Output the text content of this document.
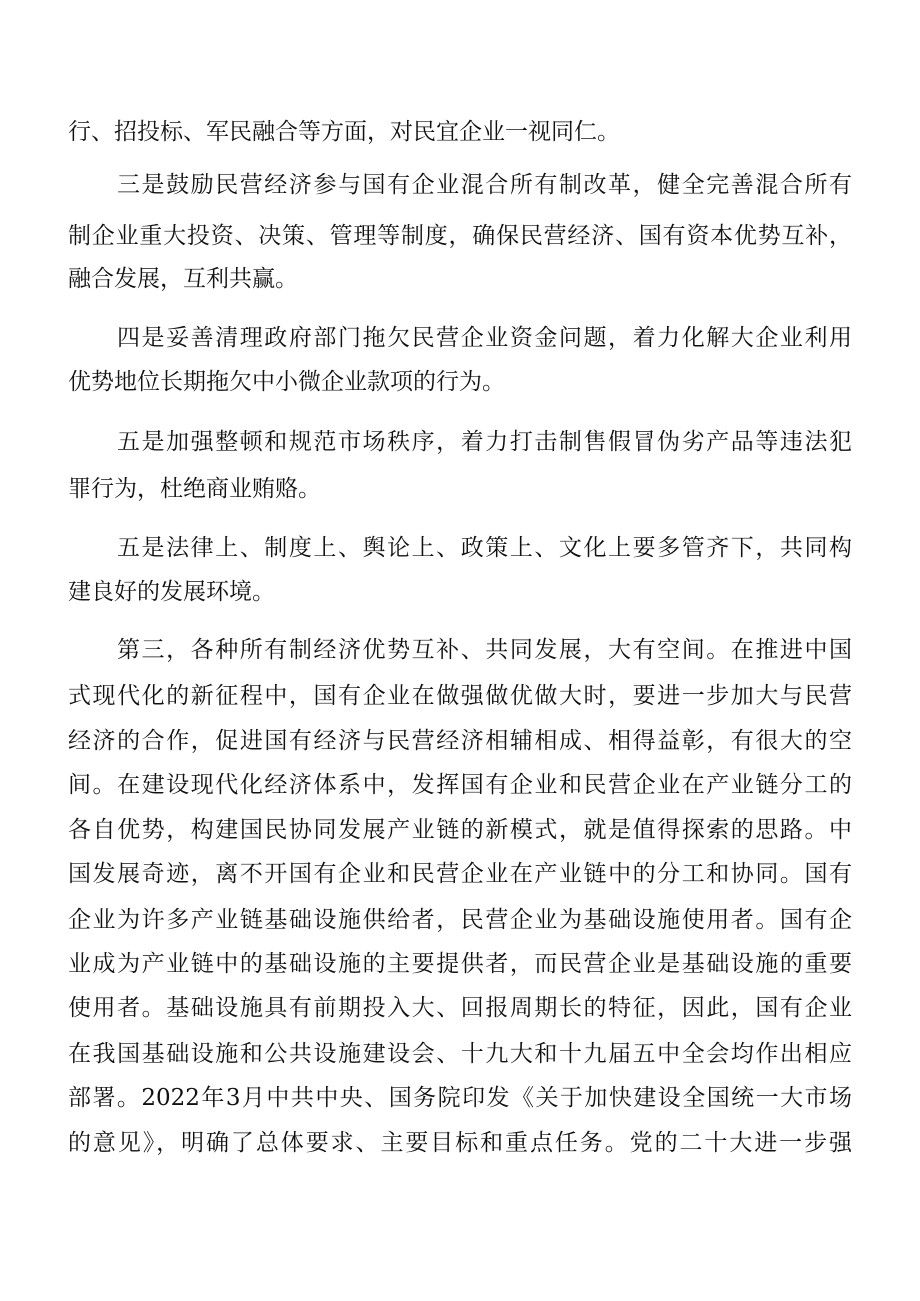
行、招投标、军民融合等方面，对民宜企业一视同仁。
三是鼓励民营经济参与国有企业混合所有制改革，健全完善混合所有
制企业重大投资、决策、管理等制度，确保民营经济、国有资本优势互补，
融合发展，互利共赢。
四是妥善清理政府部门拖欠民营企业资金问题，着力化解大企业利用
优势地位长期拖欠中小微企业款项的行为。
五是加强整顿和规范市场秩序，着力打击制售假冒伪劣产品等违法犯
罪行为，杜绝商业贿赂。
五是法律上、制度上、舆论上、政策上、文化上要多管齐下，共同构
建良好的发展环境。
第三，各种所有制经济优势互补、共同发展，大有空间。在推进中国
式现代化的新征程中，国有企业在做强做优做大时，要进一步加大与民营
经济的合作，促进国有经济与民营经济相辅相成、相得益彰，有很大的空
间。在建设现代化经济体系中，发挥国有企业和民营企业在产业链分工的
各自优势，构建国民协同发展产业链的新模式，就是值得探索的思路。中
国发展奇迹，离不开国有企业和民营企业在产业链中的分工和协同。国有
企业为许多产业链基础设施供给者，民营企业为基础设施使用者。国有企
业成为产业链中的基础设施的主要提供者，而民营企业是基础设施的重要
使用者。基础设施具有前期投入大、回报周期长的特征，因此，国有企业
在我国基础设施和公共设施建设会、十九大和十九届五中全会均作出相应
部署。2022年3月中共中央、国务院印发《关于加快建设全国统一大市场
的意见》，明确了总体要求、主要目标和重点任务。党的二十大进一步强
